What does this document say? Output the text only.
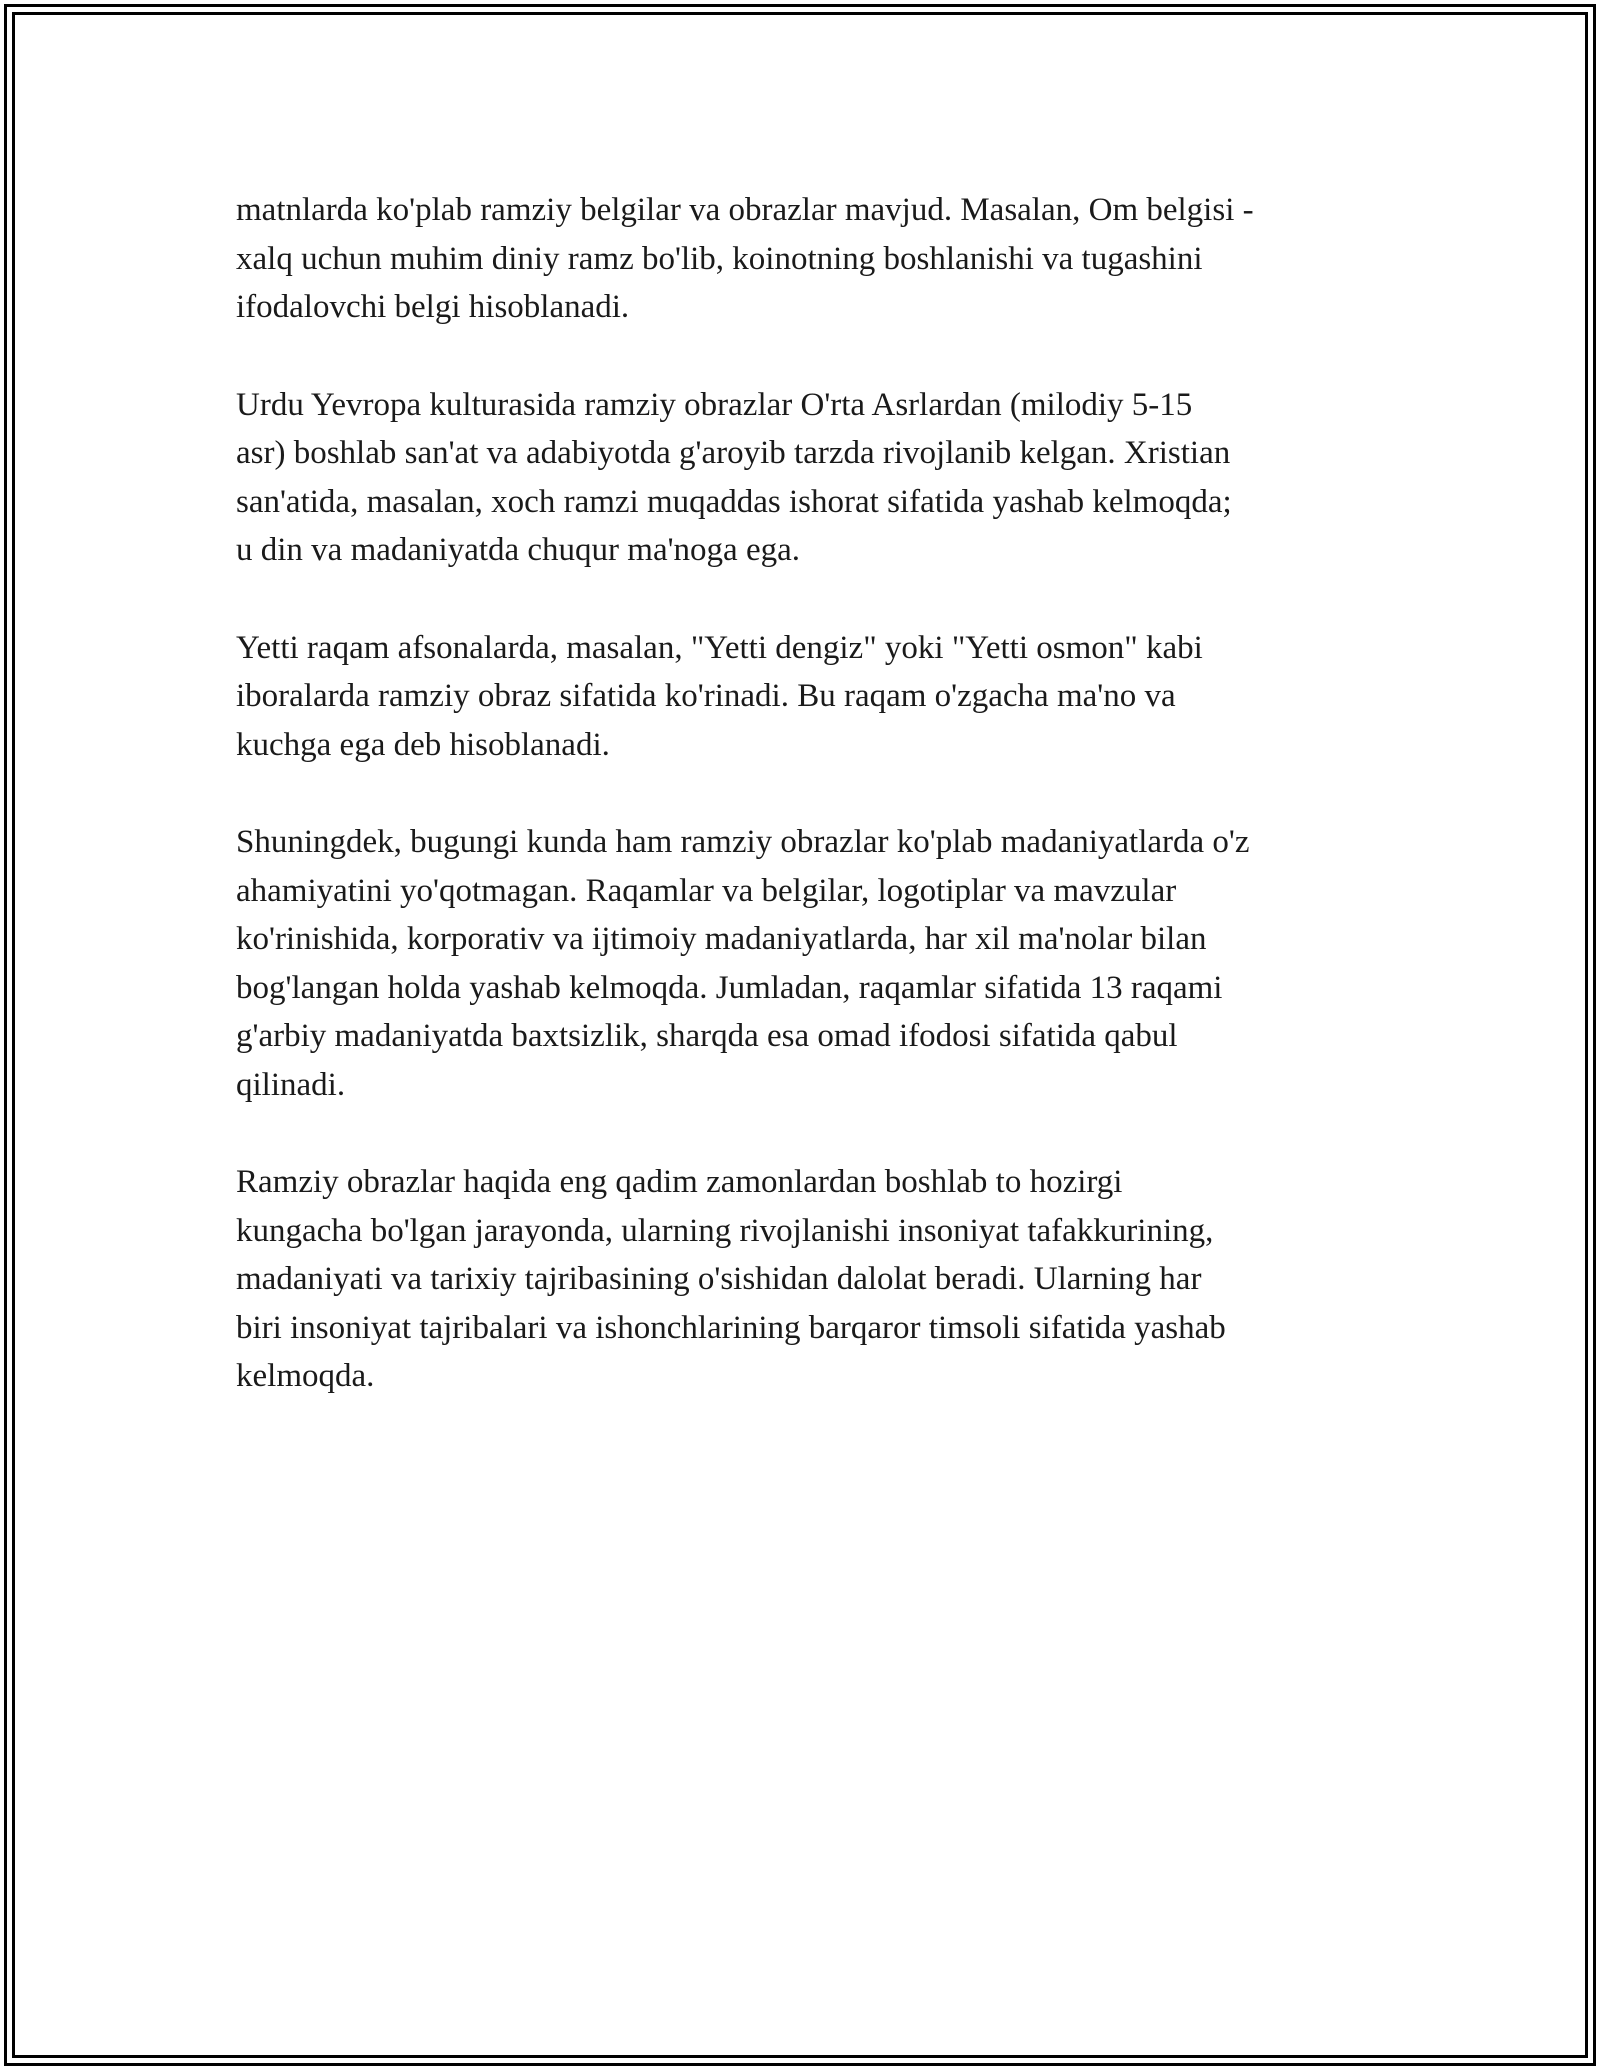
matnlarda ko'plab ramziy belgilar va obrazlar mavjud. Masalan, Om belgisi -
xalq uchun muhim diniy ramz bo'lib, koinotning boshlanishi va tugashini
ifodalovchi belgi hisoblanadi.

Urdu Yevropa kulturasida ramziy obrazlar O'rta Asrlardan (milodiy 5-15
asr) boshlab san'at va adabiyotda g'aroyib tarzda rivojlanib kelgan. Xristian
san'atida, masalan, xoch ramzi muqaddas ishorat sifatida yashab kelmoqda;
u din va madaniyatda chuqur ma'noga ega.

Yetti raqam afsonalarda, masalan, "Yetti dengiz" yoki "Yetti osmon" kabi
iboralarda ramziy obraz sifatida ko'rinadi. Bu raqam o'zgacha ma'no va
kuchga ega deb hisoblanadi.

Shuningdek, bugungi kunda ham ramziy obrazlar ko'plab madaniyatlarda o'z
ahamiyatini yo'qotmagan. Raqamlar va belgilar, logotiplar va mavzular
ko'rinishida, korporativ va ijtimoiy madaniyatlarda, har xil ma'nolar bilan
bog'langan holda yashab kelmoqda. Jumladan, raqamlar sifatida 13 raqami
g'arbiy madaniyatda baxtsizlik, sharqda esa omad ifodosi sifatida qabul
qilinadi.

Ramziy obrazlar haqida eng qadim zamonlardan boshlab to hozirgi
kungacha bo'lgan jarayonda, ularning rivojlanishi insoniyat tafakkurining,
madaniyati va tarixiy tajribasining o'sishidan dalolat beradi. Ularning har
biri insoniyat tajribalari va ishonchlarining barqaror timsoli sifatida yashab
kelmoqda.
